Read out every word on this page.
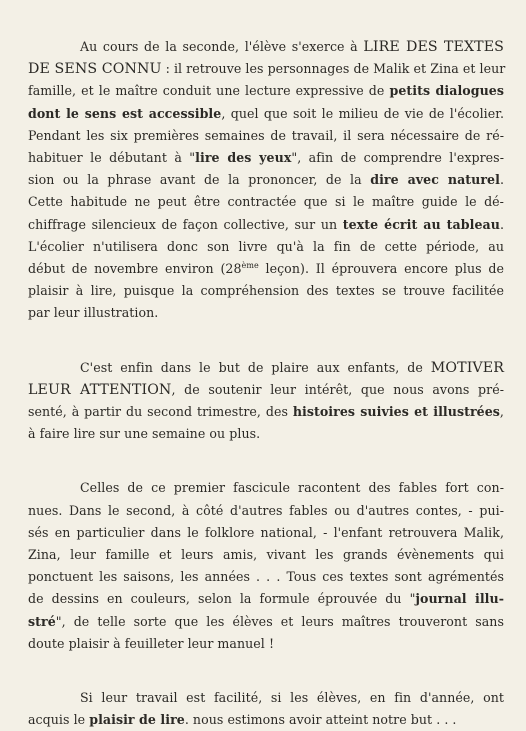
Au cours de la seconde, l'élève s'exerce à LIRE DES TEXTES
DE SENS CONNU : il retrouve les personnages de Malik et Zina et leur
famille, et le maître conduit une lecture expressive de petits dialogues
dont le sens est accessible, quel que soit le milieu de vie de l'écolier.
Pendant les six premières semaines de travail, il sera nécessaire de ré-
habituer le débutant à "lire des yeux", afin de comprendre l'expres-
sion ou la phrase avant de la prononcer, de la dire avec naturel.
Cette habitude ne peut être contractée que si le maître guide le dé-
chiffrage silencieux de façon collective, sur un texte écrit au tableau.
L'écolier n'utilisera donc son livre qu'à la fin de cette période, au
début de novembre environ (28ème leçon). Il éprouvera encore plus de
plaisir à lire, puisque la compréhension des textes se trouve facilitée
par leur illustration.

C'est enfin dans le but de plaire aux enfants, de MOTIVER
LEUR ATTENTION, de soutenir leur intérêt, que nous avons pré-
senté, à partir du second trimestre, des histoires suivies et illustrées,
à faire lire sur une semaine ou plus.

Celles de ce premier fascicule racontent des fables fort con-
nues. Dans le second, à côté d'autres fables ou d'autres contes, - pui-
sés en particulier dans le folklore national, - l'enfant retrouvera Malik,
Zina, leur famille et leurs amis, vivant les grands évènements qui
ponctuent les saisons, les années . . . Tous ces textes sont agrémentés
de dessins en couleurs, selon la formule éprouvée du "journal illu-
stré", de telle sorte que les élèves et leurs maîtres trouveront sans
doute plaisir à feuilleter leur manuel !

Si leur travail est facilité, si les élèves, en fin d'année, ont
acquis le plaisir de lire. nous estimons avoir atteint notre but . . .
